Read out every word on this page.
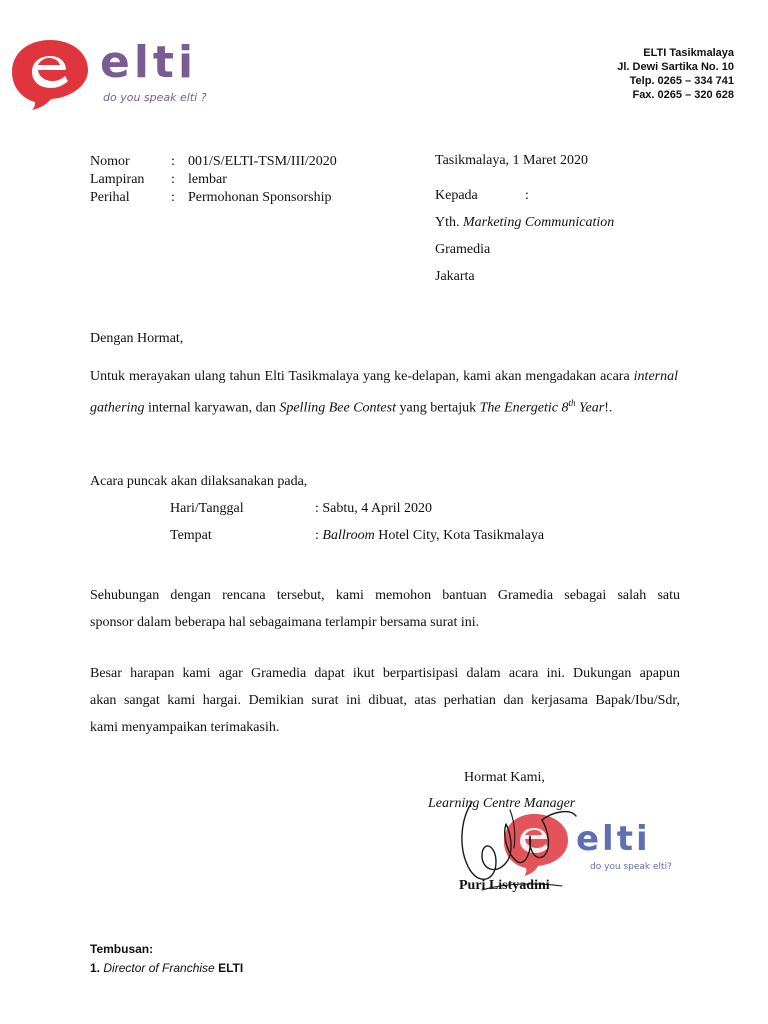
elti
do you speak elti ?
ELTI Tasikmalaya
Jl. Dewi Sartika No. 10
Telp. 0265 – 334 741
Fax. 0265 – 320 628
Nomor	: 001/S/ELTI-TSM/III/2020
Lampiran : lembar
Perihal	: Permohonan Sponsorship
Tasikmalaya, 1 Maret 2020
Kepada	:
Yth. Marketing Communication
Gramedia
Jakarta
Dengan Hormat,
Untuk merayakan ulang tahun Elti Tasikmalaya yang ke-delapan, kami akan mengadakan acara internal gathering internal karyawan, dan Spelling Bee Contest yang bertajuk The Energetic 8th Year!.
Acara puncak akan dilaksanakan pada,
Hari/Tanggal	: Sabtu, 4 April 2020
Tempat	: Ballroom Hotel City, Kota Tasikmalaya
Sehubungan dengan rencana tersebut, kami memohon bantuan Gramedia sebagai salah satu
sponsor dalam beberapa hal sebagaimana terlampir bersama surat ini.
Besar harapan kami agar Gramedia dapat ikut berpartisipasi dalam acara ini. Dukungan apapun
akan sangat kami hargai. Demikian surat ini dibuat, atas perhatian dan kerjasama Bapak/Ibu/Sdr,
kami menyampaikan terimakasih.
Hormat Kami,
Learning Centre Manager
elti
do you speak elti?
Puri Listyadini
Tembusan:
1. Director of Franchise ELTI
